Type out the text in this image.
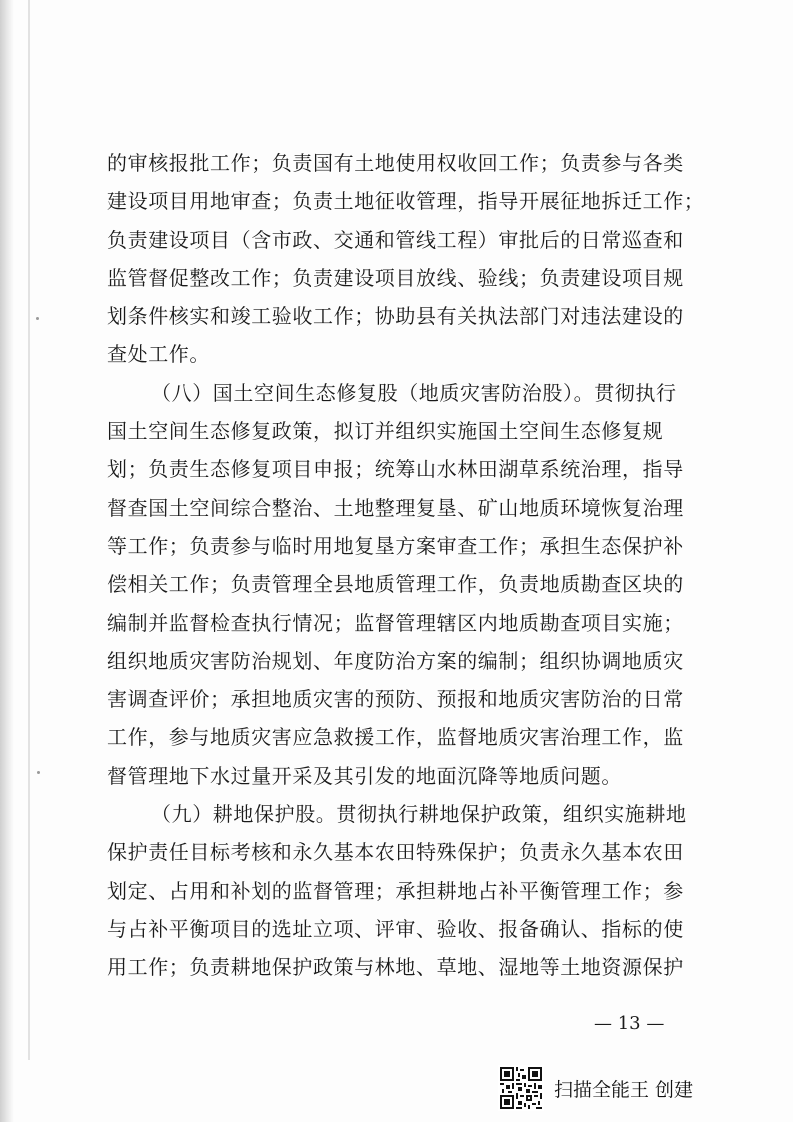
的审核报批工作；负责国有土地使用权收回工作；负责参与各类
建设项目用地审查；负责土地征收管理，指导开展征地拆迁工作；
负责建设项目（含市政、交通和管线工程）审批后的日常巡查和
监管督促整改工作；负责建设项目放线、验线；负责建设项目规
划条件核实和竣工验收工作；协助县有关执法部门对违法建设的
查处工作。
（八）国土空间生态修复股（地质灾害防治股）。贯彻执行
国土空间生态修复政策，拟订并组织实施国土空间生态修复规
划；负责生态修复项目申报；统筹山水林田湖草系统治理，指导
督查国土空间综合整治、土地整理复垦、矿山地质环境恢复治理
等工作；负责参与临时用地复垦方案审查工作；承担生态保护补
偿相关工作；负责管理全县地质管理工作，负责地质勘查区块的
编制并监督检查执行情况；监督管理辖区内地质勘查项目实施；
组织地质灾害防治规划、年度防治方案的编制；组织协调地质灾
害调查评价；承担地质灾害的预防、预报和地质灾害防治的日常
工作，参与地质灾害应急救援工作，监督地质灾害治理工作，监
督管理地下水过量开采及其引发的地面沉降等地质问题。
（九）耕地保护股。贯彻执行耕地保护政策，组织实施耕地
保护责任目标考核和永久基本农田特殊保护；负责永久基本农田
划定、占用和补划的监督管理；承担耕地占补平衡管理工作；参
与占补平衡项目的选址立项、评审、验收、报备确认、指标的使
用工作；负责耕地保护政策与林地、草地、湿地等土地资源保护
— 13 —
扫描全能王 创建
